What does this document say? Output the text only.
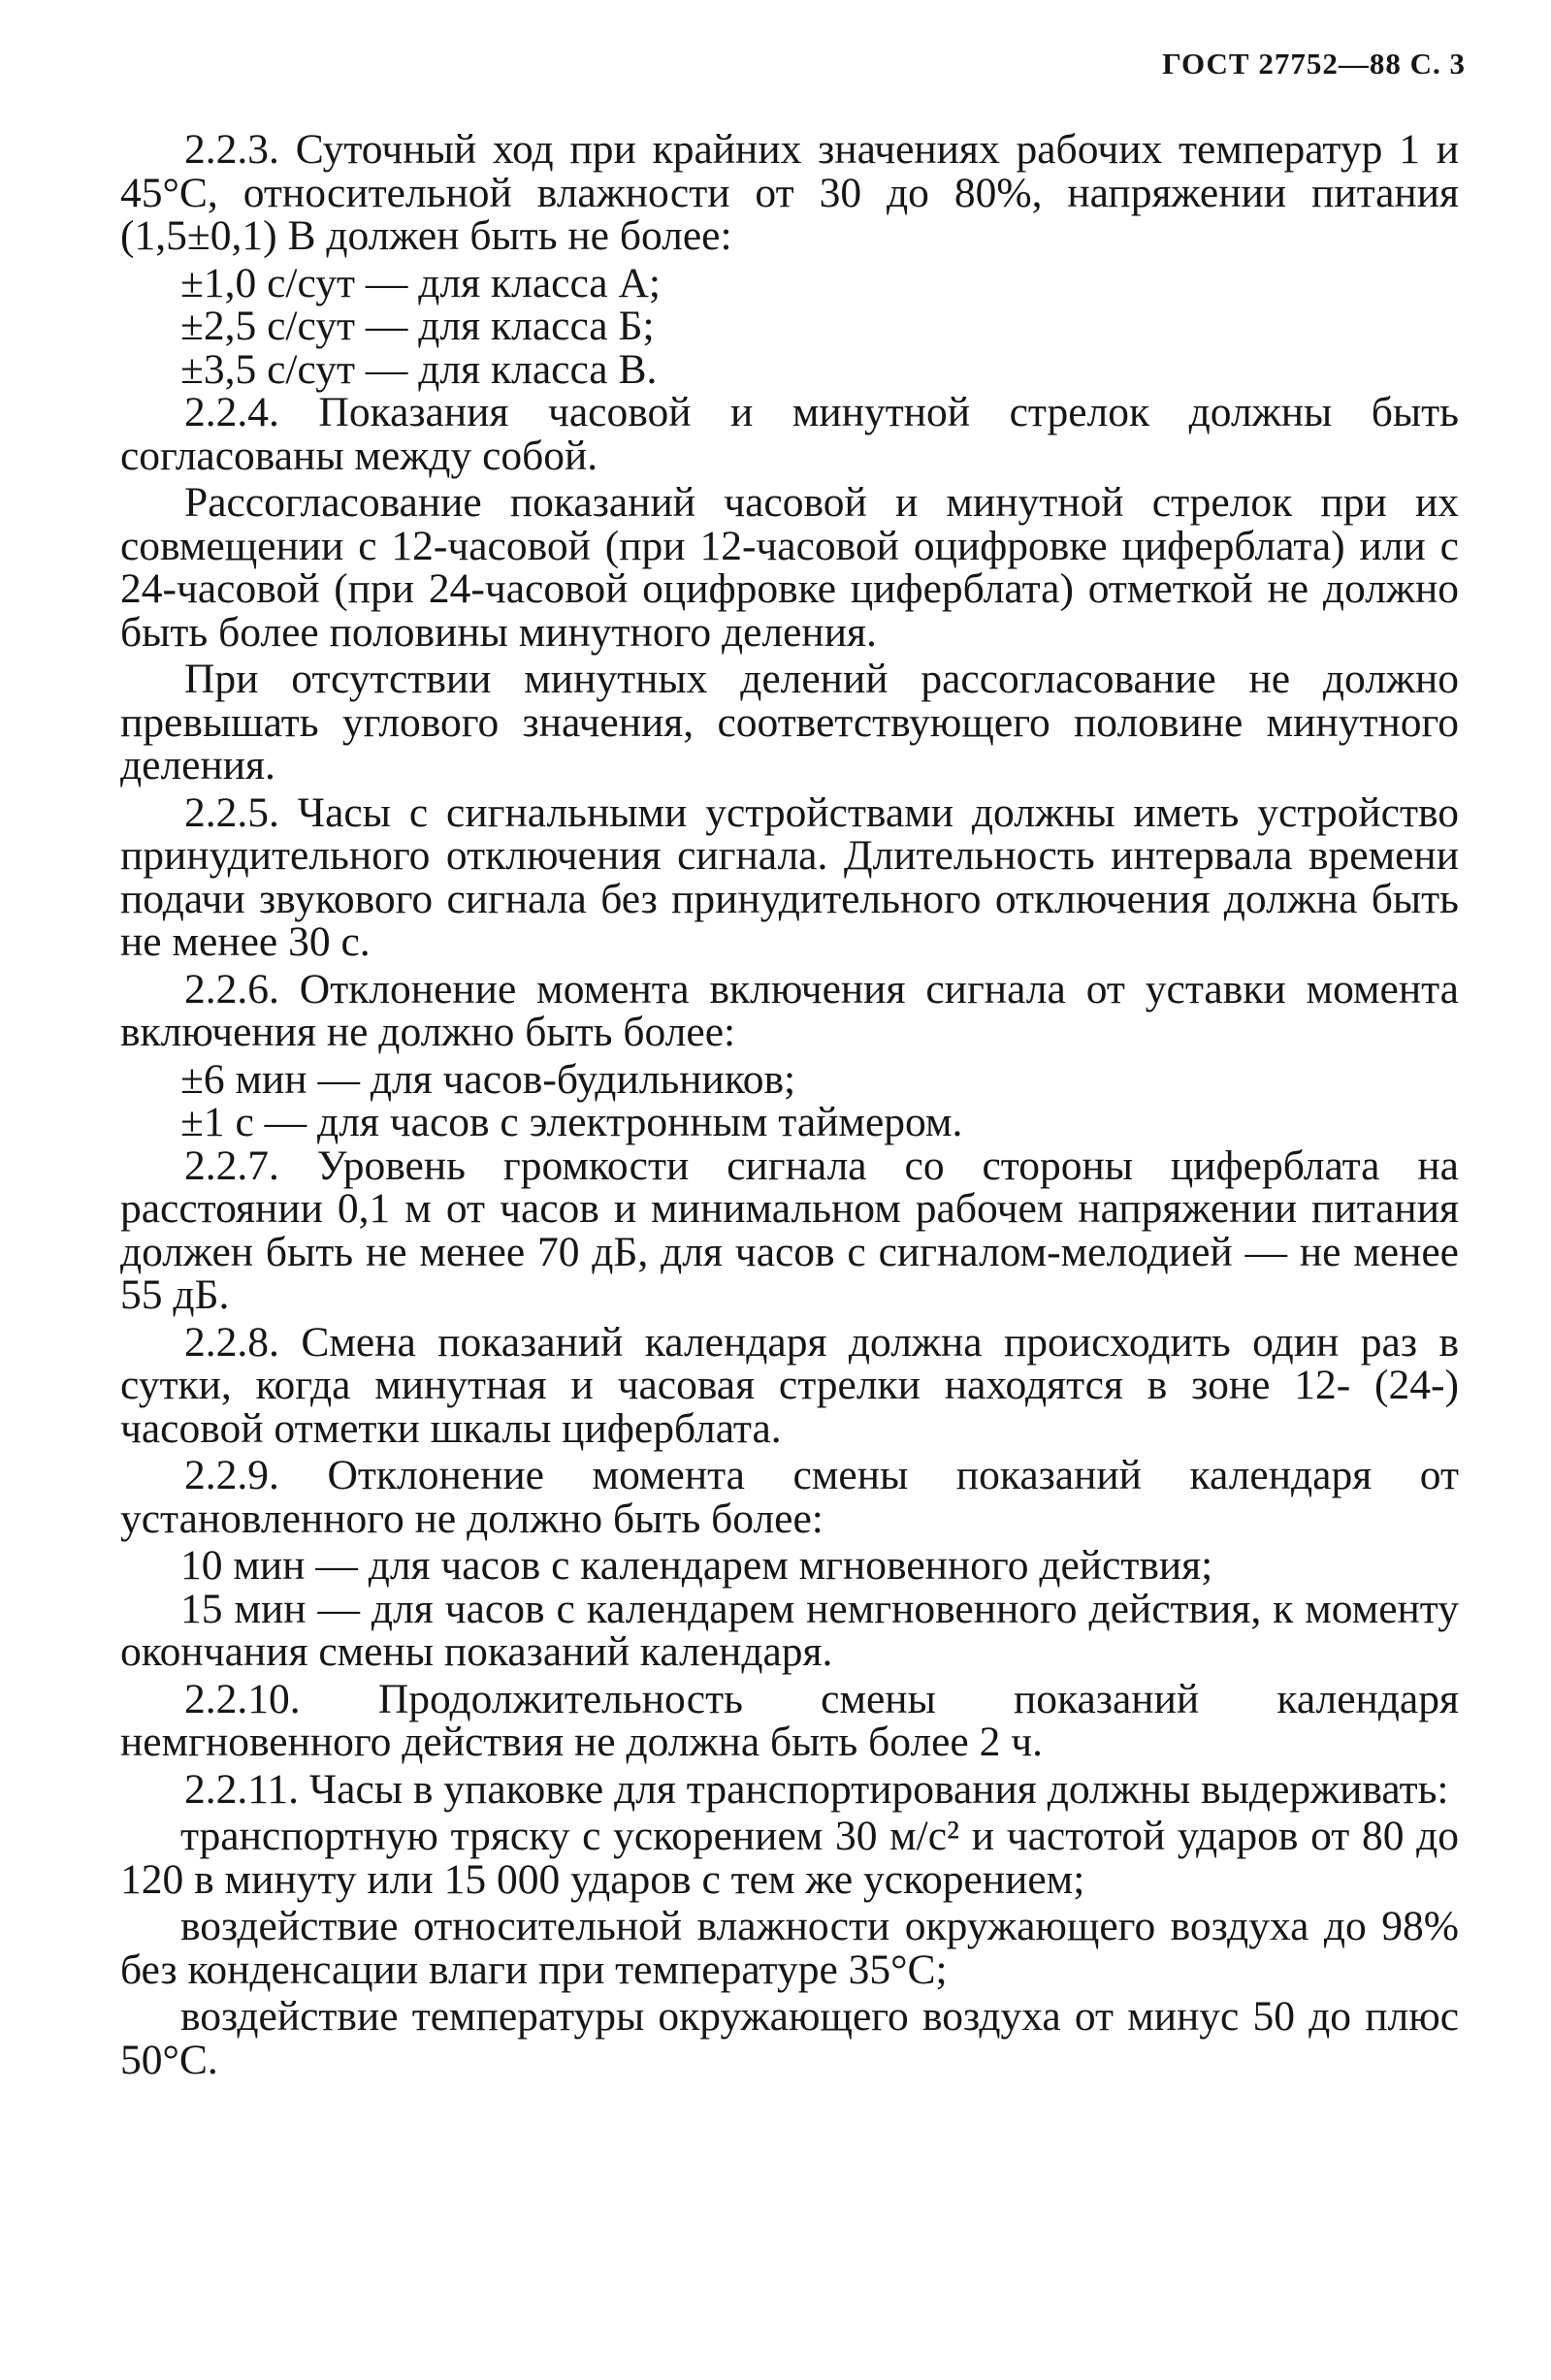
ГОСТ 27752—88 С. 3

2.2.3. Суточный ход при крайних значениях рабочих температур 1 и 45°С, относительной влажности от 30 до 80%, напряжении питания (1,5±0,1) В должен быть не более:

±1,0 с/сут — для класса А;

±2,5 с/сут — для класса Б;

±3,5 с/сут — для класса В.

2.2.4. Показания часовой и минутной стрелок должны быть согласованы между собой.

Рассогласование показаний часовой и минутной стрелок при их совмещении с 12-часовой (при 12-часовой оцифровке циферблата) или с 24-часовой (при 24-часовой оцифровке циферблата) отметкой не должно быть более половины минутного деления.

При отсутствии минутных делений рассогласование не должно превышать углового значения, соответствующего половине минутного деления.

2.2.5. Часы с сигнальными устройствами должны иметь устройство принудительного отключения сигнала. Длительность интервала времени подачи звукового сигнала без принудительного отключения должна быть не менее 30 с.

2.2.6. Отклонение момента включения сигнала от уставки момента включения не должно быть более:

±6 мин — для часов-будильников;

±1 с — для часов с электронным таймером.

2.2.7. Уровень громкости сигнала со стороны циферблата на расстоянии 0,1 м от часов и минимальном рабочем напряжении питания должен быть не менее 70 дБ, для часов с сигналом-мелодией — не менее 55 дБ.

2.2.8. Смена показаний календаря должна происходить один раз в сутки, когда минутная и часовая стрелки находятся в зоне 12- (24-) часовой отметки шкалы циферблата.

2.2.9. Отклонение момента смены показаний календаря от установленного не должно быть более:

10 мин — для часов с календарем мгновенного действия;

15 мин — для часов с календарем немгновенного действия, к моменту окончания смены показаний календаря.

2.2.10. Продолжительность смены показаний календаря немгновенного действия не должна быть более 2 ч.

2.2.11. Часы в упаковке для транспортирования должны выдерживать:

транспортную тряску с ускорением 30 м/с² и частотой ударов от 80 до 120 в минуту или 15 000 ударов с тем же ускорением;

воздействие относительной влажности окружающего воздуха до 98% без конденсации влаги при температуре 35°С;

воздействие температуры окружающего воздуха от минус 50 до плюс 50°С.
